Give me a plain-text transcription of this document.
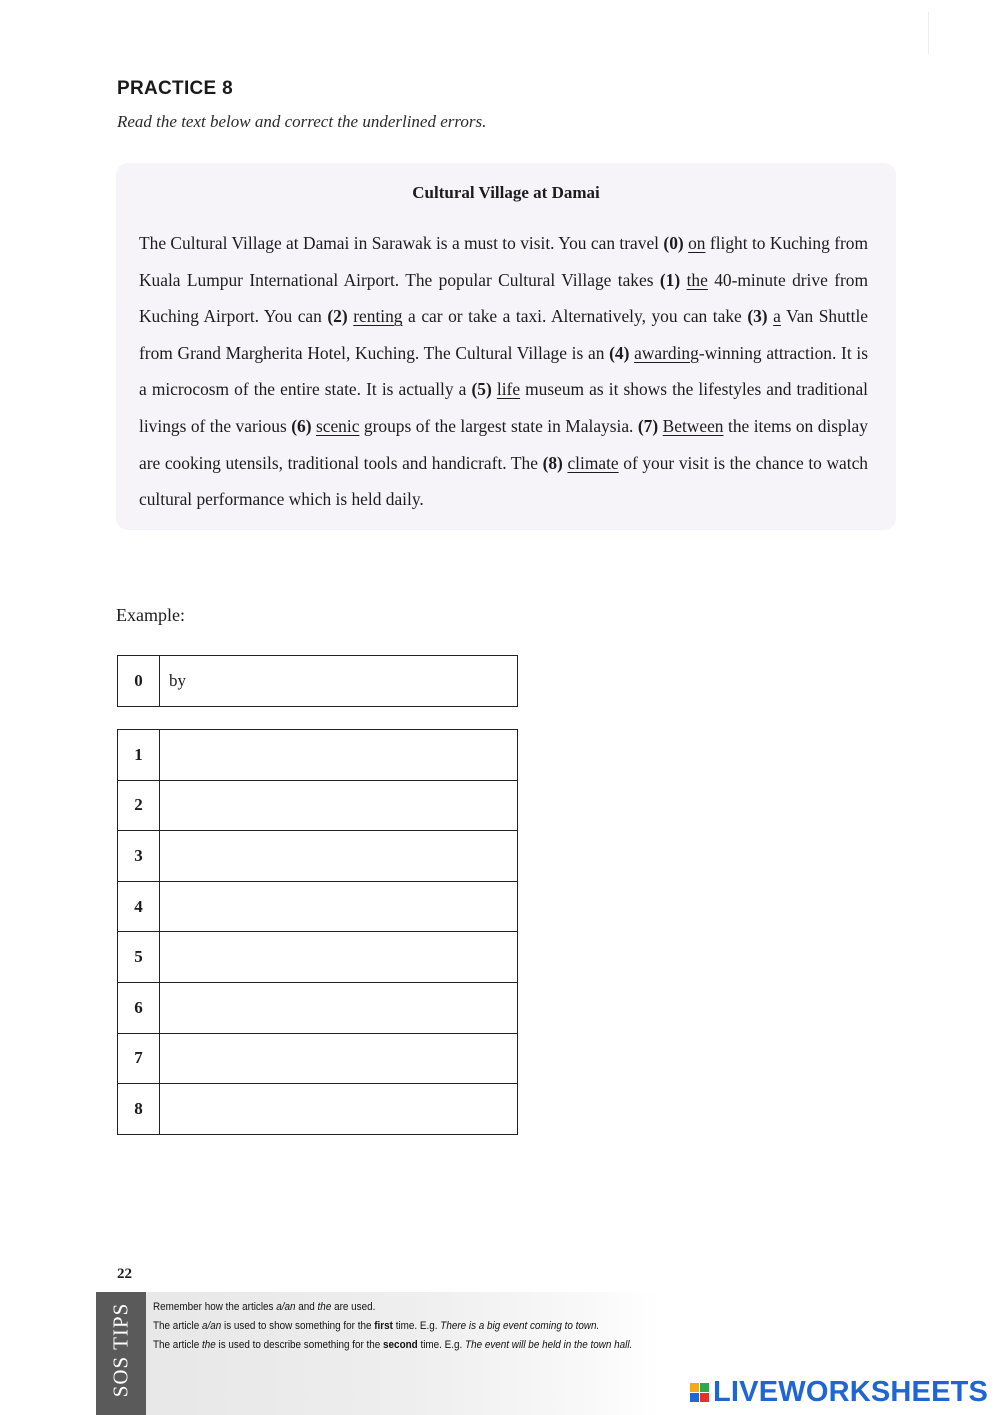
PRACTICE 8

Read the text below and correct the underlined errors.

Cultural Village at Damai

The Cultural Village at Damai in Sarawak is a must to visit. You can travel (0) on flight to Kuching from Kuala Lumpur International Airport. The popular Cultural Village takes (1) the 40-minute drive from Kuching Airport. You can (2) renting a car or take a taxi. Alternatively, you can take (3) a Van Shuttle from Grand Margherita Hotel, Kuching. The Cultural Village is an (4) awarding-winning attraction. It is a microcosm of the entire state. It is actually a (5) life museum as it shows the lifestyles and traditional livings of the various (6) scenic groups of the largest state in Malaysia. (7) Between the items on display are cooking utensils, traditional tools and handicraft. The (8) climate of your visit is the chance to watch cultural performance which is held daily.

Example:

0	by
1	
2	
3	
4	
5	
6	
7	
8	

22

SOS TIPS Remember how the articles a/an and the are used.
The article a/an is used to show something for the first time. E.g. There is a big event coming to town.
The article the is used to describe something for the second time. E.g. The event will be held in the town hall.
LIVEWORKSHEETS
